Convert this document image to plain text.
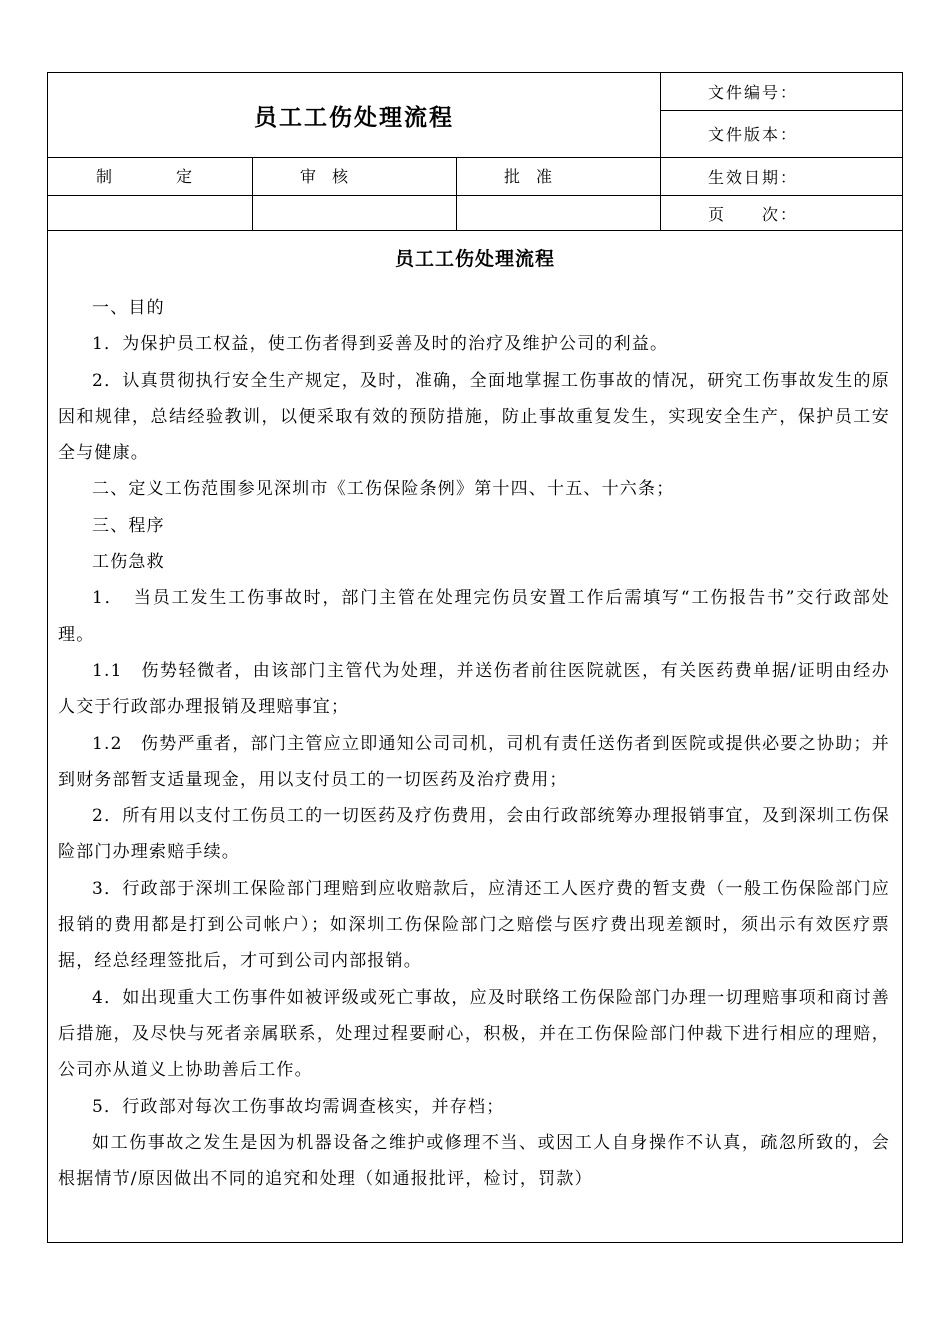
员工工伤处理流程
文件编号：
文件版本：
生效日期：
页　　次：
制　　　　定	审　核	批　准
员工工伤处理流程

一、目的

1．为保护员工权益，使工伤者得到妥善及时的治疗及维护公司的利益。

2．认真贯彻执行安全生产规定，及时，准确，全面地掌握工伤事故的情况，研究工伤事故发生的原因和规律，总结经验教训，以便采取有效的预防措施，防止事故重复发生，实现安全生产，保护员工安全与健康。

二、定义工伤范围参见深圳市《工伤保险条例》第十四、十五、十六条；

三、程序

工伤急救

1．　当员工发生工伤事故时，部门主管在处理完伤员安置工作后需填写“工伤报告书”交行政部处理。

1.1　伤势轻微者，由该部门主管代为处理，并送伤者前往医院就医，有关医药费单据/证明由经办人交于行政部办理报销及理赔事宜；

1.2　伤势严重者，部门主管应立即通知公司司机，司机有责任送伤者到医院或提供必要之协助；并到财务部暂支适量现金，用以支付员工的一切医药及治疗费用；

2．所有用以支付工伤员工的一切医药及疗伤费用，会由行政部统筹办理报销事宜，及到深圳工伤保险部门办理索赔手续。

3．行政部于深圳工保险部门理赔到应收赔款后，应清还工人医疗费的暂支费（一般工伤保险部门应报销的费用都是打到公司帐户）；如深圳工伤保险部门之赔偿与医疗费出现差额时，须出示有效医疗票据，经总经理签批后，才可到公司内部报销。

4．如出现重大工伤事件如被评级或死亡事故，应及时联络工伤保险部门办理一切理赔事项和商讨善后措施，及尽快与死者亲属联系，处理过程要耐心，积极，并在工伤保险部门仲裁下进行相应的理赔，公司亦从道义上协助善后工作。

5．行政部对每次工伤事故均需调查核实，并存档；

如工伤事故之发生是因为机器设备之维护或修理不当、或因工人自身操作不认真，疏忽所致的，会根据情节/原因做出不同的追究和处理（如通报批评，检讨，罚款）
